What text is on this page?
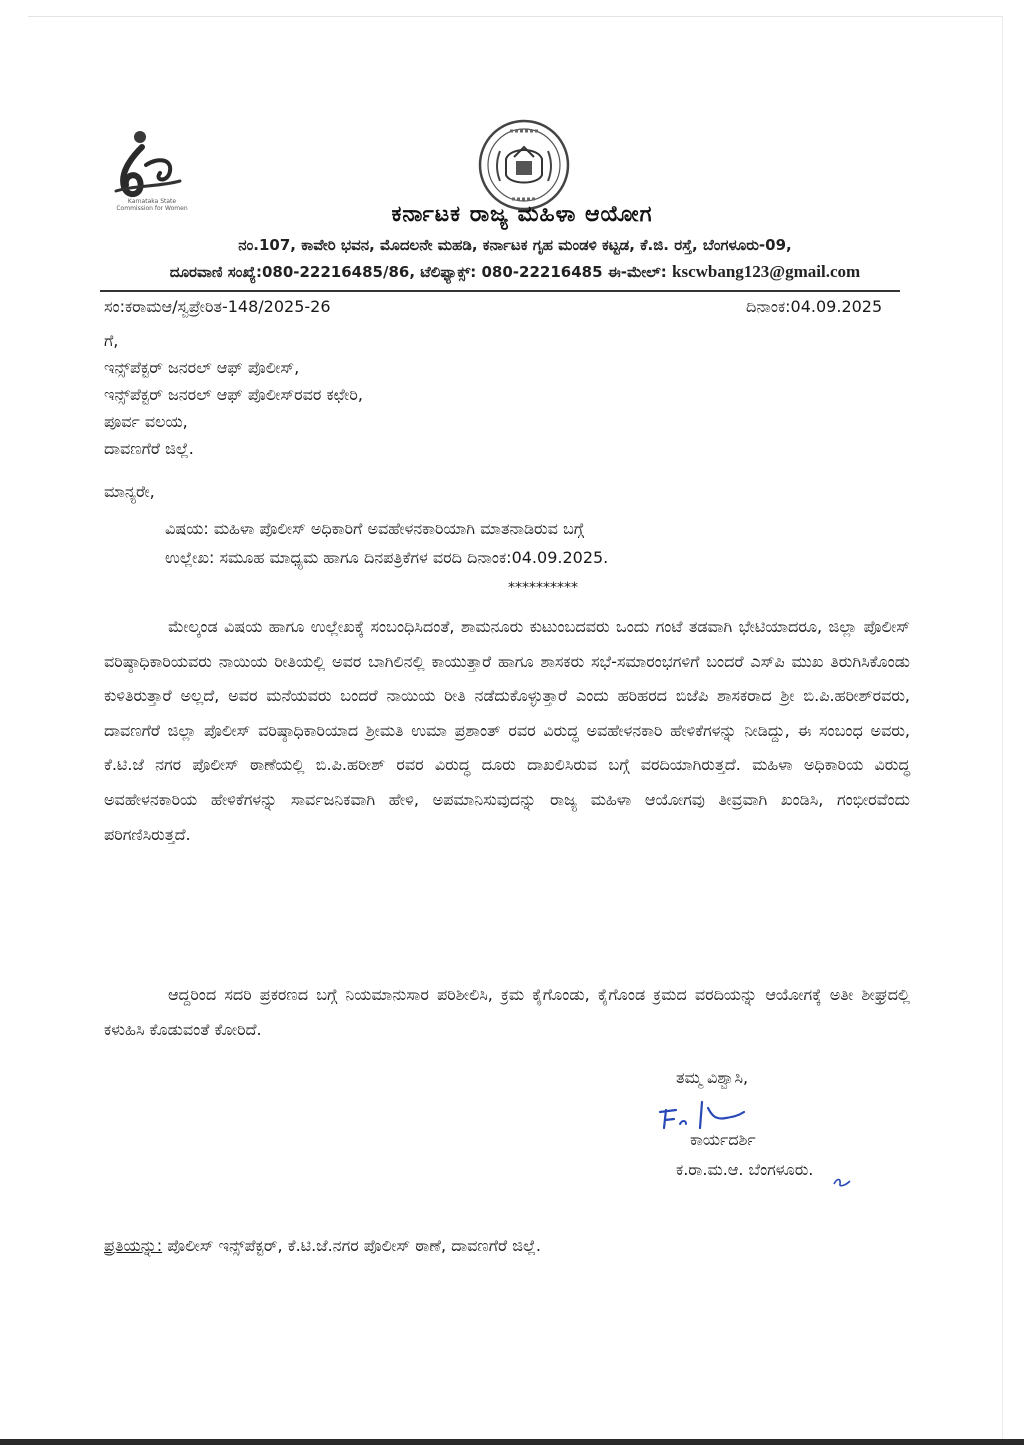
Karnataka State
Commission for Women	ಕರ್ನಾಟಕ ರಾಜ್ಯ ಮಹಿಳಾ ಆಯೋಗ
ನಂ.107, ಕಾವೇರಿ ಭವನ, ಮೊದಲನೇ ಮಹಡಿ, ಕರ್ನಾಟಕ ಗೃಹ ಮಂಡಳಿ ಕಟ್ಟಡ, ಕೆ.ಜಿ. ರಸ್ತೆ, ಬೆಂಗಳೂರು-09,
ದೂರವಾಣಿ ಸಂಖ್ಯೆ:080-22216485/86, ಟೆಲಿಫ್ಯಾಕ್ಸ್: 080-22216485 ಈ-ಮೇಲ್: kscwbang123@gmail.com
ಸಂ:ಕರಾಮಆ/ಸ್ವಪ್ರೇರಿತ-148/2025-26	ದಿನಾಂಕ:04.09.2025
ಗೆ,
ಇನ್ಸ್‌ಪೆಕ್ಟರ್ ಜನರಲ್ ಆಫ್ ಪೊಲೀಸ್,
ಇನ್ಸ್‌ಪೆಕ್ಟರ್ ಜನರಲ್ ಆಫ್ ಪೊಲೀಸ್‌ರವರ ಕಛೇರಿ,
ಪೂರ್ವ ವಲಯ,
ದಾವಣಗೆರೆ ಜಿಲ್ಲೆ.
ಮಾನ್ಯರೇ,
ವಿಷಯ: ಮಹಿಳಾ ಪೊಲೀಸ್ ಅಧಿಕಾರಿಗೆ ಅವಹೇಳನಕಾರಿಯಾಗಿ ಮಾತನಾಡಿರುವ ಬಗ್ಗೆ
ಉಲ್ಲೇಖ: ಸಮೂಹ ಮಾಧ್ಯಮ ಹಾಗೂ ದಿನಪತ್ರಿಕೆಗಳ ವರದಿ ದಿನಾಂಕ:04.09.2025.
**********
ಮೇಲ್ಕಂಡ ವಿಷಯ ಹಾಗೂ ಉಲ್ಲೇಖಕ್ಕೆ ಸಂಬಂಧಿಸಿದಂತೆ, ಶಾಮನೂರು ಕುಟುಂಬದವರು ಒಂದು ಗಂಟೆ ತಡವಾಗಿ ಭೇಟಿಯಾದರೂ, ಜಿಲ್ಲಾ ಪೊಲೀಸ್ ವರಿಷ್ಠಾಧಿಕಾರಿಯವರು ನಾಯಿಯ ರೀತಿಯಲ್ಲಿ ಅವರ ಬಾಗಿಲಿನಲ್ಲಿ ಕಾಯುತ್ತಾರೆ ಹಾಗೂ ಶಾಸಕರು ಸಭೆ-ಸಮಾರಂಭಗಳಿಗೆ ಬಂದರೆ ಎಸ್‌ಪಿ ಮುಖ ತಿರುಗಿಸಿಕೊಂಡು ಕುಳಿತಿರುತ್ತಾರೆ ಅಲ್ಲದೆ, ಅವರ ಮನೆಯವರು ಬಂದರೆ ನಾಯಿಯ ರೀತಿ ನಡೆದುಕೊಳ್ಳುತ್ತಾರೆ ಎಂದು ಹರಿಹರದ ಬಿಜೆಪಿ ಶಾಸಕರಾದ ಶ್ರೀ ಬಿ.ಪಿ.ಹರೀಶ್‌ರವರು, ದಾವಣಗೆರೆ ಜಿಲ್ಲಾ ಪೊಲೀಸ್ ವರಿಷ್ಠಾಧಿಕಾರಿಯಾದ ಶ್ರೀಮತಿ ಉಮಾ ಪ್ರಶಾಂತ್ ರವರ ವಿರುದ್ಧ ಅವಹೇಳನಕಾರಿ ಹೇಳಿಕೆಗಳನ್ನು ನೀಡಿದ್ದು, ಈ ಸಂಬಂಧ ಅವರು, ಕೆ.ಟಿ.ಜೆ ನಗರ ಪೊಲೀಸ್ ಠಾಣೆಯಲ್ಲಿ ಬಿ.ಪಿ.ಹರೀಶ್ ರವರ ವಿರುದ್ಧ ದೂರು ದಾಖಲಿಸಿರುವ ಬಗ್ಗೆ ವರದಿಯಾಗಿರುತ್ತದೆ. ಮಹಿಳಾ ಅಧಿಕಾರಿಯ ವಿರುದ್ಧ ಅವಹೇಳನಕಾರಿಯ ಹೇಳಿಕೆಗಳನ್ನು ಸಾರ್ವಜನಿಕವಾಗಿ ಹೇಳಿ, ಅಪಮಾನಿಸುವುದನ್ನು ರಾಜ್ಯ ಮಹಿಳಾ ಆಯೋಗವು ತೀವ್ರವಾಗಿ ಖಂಡಿಸಿ, ಗಂಭೀರವೆಂದು ಪರಿಗಣಿಸಿರುತ್ತದೆ.
ಆದ್ದರಿಂದ ಸದರಿ ಪ್ರಕರಣದ ಬಗ್ಗೆ ನಿಯಮಾನುಸಾರ ಪರಿಶೀಲಿಸಿ, ಕ್ರಮ ಕೈಗೊಂಡು, ಕೈಗೊಂಡ ಕ್ರಮದ ವರದಿಯನ್ನು ಆಯೋಗಕ್ಕೆ ಅತೀ ಶೀಘ್ರದಲ್ಲಿ ಕಳುಹಿಸಿ ಕೊಡುವಂತೆ ಕೋರಿದೆ.
ತಮ್ಮ ವಿಶ್ವಾಸಿ,
ಕಾರ್ಯದರ್ಶಿ
ಕ.ರಾ.ಮ.ಆ. ಬೆಂಗಳೂರು.
ಪ್ರತಿಯನ್ನು: ಪೊಲೀಸ್ ಇನ್ಸ್‌ಪೆಕ್ಟರ್, ಕೆ.ಟಿ.ಜೆ.ನಗರ ಪೊಲೀಸ್ ಠಾಣೆ, ದಾವಣಗೆರೆ ಜಿಲ್ಲೆ.
